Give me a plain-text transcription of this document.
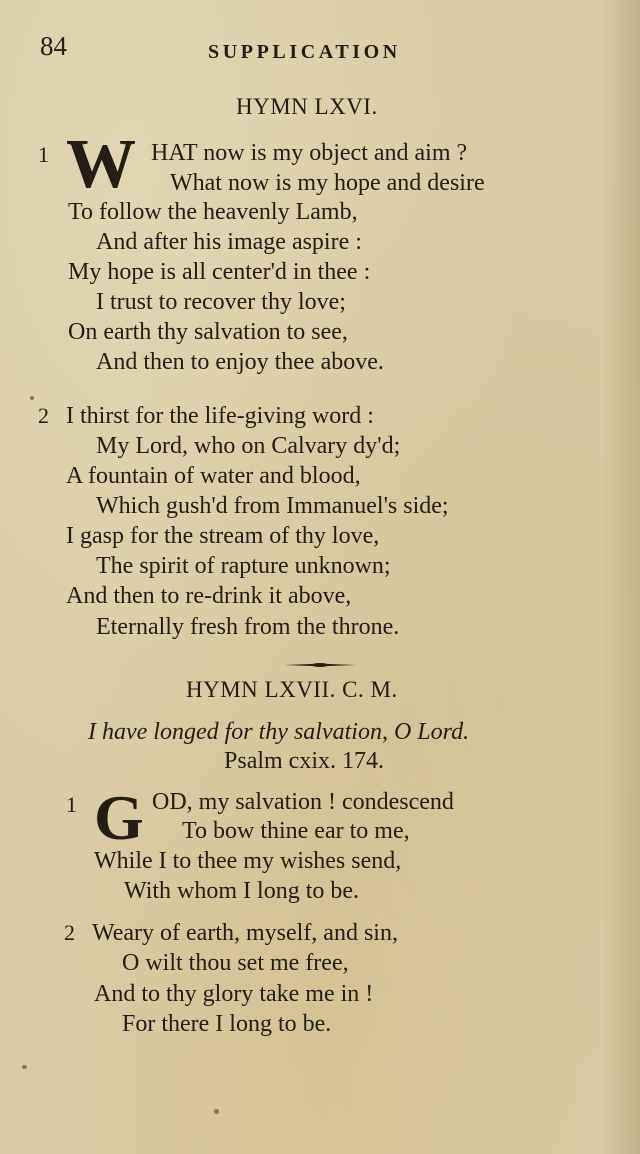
84	SUPPLICATION
HYMN LXVI.
1 W HAT now is my object and aim ?
What now is my hope and desire
To follow the heavenly Lamb,
And after his image aspire :
My hope is all center'd in thee :
I trust to recover thy love;
On earth thy salvation to see,
And then to enjoy thee above.
2 I thirst for the life-giving word :
My Lord, who on Calvary dy'd;
A fountain of water and blood,
Which gush'd from Immanuel's side;
I gasp for the stream of thy love,
The spirit of rapture unknown;
And then to re-drink it above,
Eternally fresh from the throne.
HYMN LXVII. C. M.
I have longed for thy salvation, O Lord.
Psalm cxix. 174.
1 G OD, my salvation ! condescend
To bow thine ear to me,
While I to thee my wishes send,
With whom I long to be.
2 Weary of earth, myself, and sin,
O wilt thou set me free,
And to thy glory take me in !
For there I long to be.
